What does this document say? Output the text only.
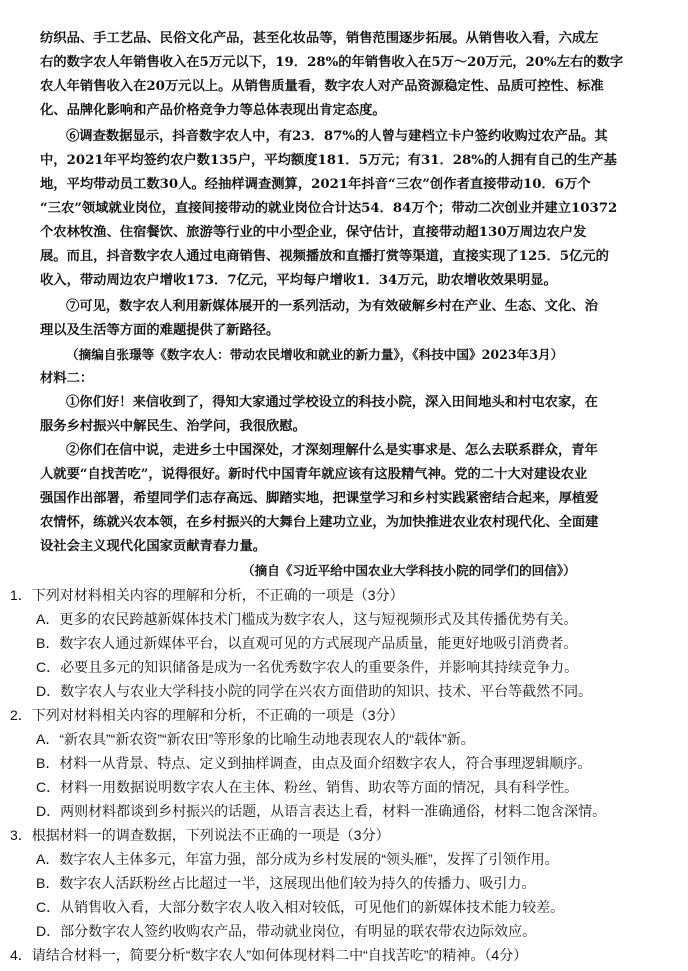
纺织品、手工艺品、民俗文化产品，甚至化妆品等，销售范围逐步拓展。从销售收入看，六成左
右的数字农人年销售收入在5万元以下，19．28%的年销售收入在5万～20万元，20%左右的数字
农人年销售收入在20万元以上。从销售质量看，数字农人对产品资源稳定性、品质可控性、标准
化、品牌化影响和产品价格竞争力等总体表现出肯定态度。
⑥调查数据显示，抖音数字农人中，有23．87%的人曾与建档立卡户签约收购过农产品。其
中，2021年平均签约农户数135户，平均额度181．5万元；有31．28%的人拥有自己的生产基
地，平均带动员工数30人。经抽样调查测算，2021年抖音“三农”创作者直接带动10．6万个
“三农”领域就业岗位，直接间接带动的就业岗位合计达54．84万个；带动二次创业并建立10372
个农林牧渔、住宿餐饮、旅游等行业的中小型企业，保守估计，直接带动超130万周边农户发
展。而且，抖音数字农人通过电商销售、视频播放和直播打赏等渠道，直接实现了125．5亿元的
收入，带动周边农户增收173．7亿元，平均每户增收1．34万元，助农增收效果明显。
⑦可见，数字农人利用新媒体展开的一系列活动，为有效破解乡村在产业、生态、文化、治
理以及生活等方面的难题提供了新路径。
（摘编自张璟等《数字农人：带动农民增收和就业的新力量》，《科技中国》2023年3月）
材料二：
①你们好！来信收到了，得知大家通过学校设立的科技小院，深入田间地头和村屯农家，在
服务乡村振兴中解民生、治学问，我很欣慰。
②你们在信中说，走进乡土中国深处，才深刻理解什么是实事求是、怎么去联系群众，青年
人就要“自找苦吃”，说得很好。新时代中国青年就应该有这股精气神。党的二十大对建设农业
强国作出部署，希望同学们志存高远、脚踏实地，把课堂学习和乡村实践紧密结合起来，厚植爱
农情怀，练就兴农本领，在乡村振兴的大舞台上建功立业，为加快推进农业农村现代化、全面建
设社会主义现代化国家贡献青春力量。
（摘自《习近平给中国农业大学科技小院的同学们的回信》）
1．下列对材料相关内容的理解和分析，不正确的一项是（3分）
A．更多的农民跨越新媒体技术门槛成为数字农人，这与短视频形式及其传播优势有关。
B．数字农人通过新媒体平台，以直观可见的方式展现产品质量，能更好地吸引消费者。
C．必要且多元的知识储备是成为一名优秀数字农人的重要条件，并影响其持续竞争力。
D．数字农人与农业大学科技小院的同学在兴农方面借助的知识、技术、平台等截然不同。
2．下列对材料相关内容的理解和分析，不正确的一项是（3分）
A．“新农具”“新农资”“新农田”等形象的比喻生动地表现农人的“载体”新。
B．材料一从背景、特点、定义到抽样调查，由点及面介绍数字农人，符合事理逻辑顺序。
C．材料一用数据说明数字农人在主体、粉丝、销售、助农等方面的情况，具有科学性。
D．两则材料都谈到乡村振兴的话题，从语言表达上看，材料一准确通俗，材料二饱含深情。
3．根据材料一的调查数据，下列说法不正确的一项是（3分）
A．数字农人主体多元，年富力强，部分成为乡村发展的“领头雁”，发挥了引领作用。
B．数字农人活跃粉丝占比超过一半，这展现出他们较为持久的传播力、吸引力。
C．从销售收入看，大部分数字农人收入相对较低，可见他们的新媒体技术能力较差。
D．部分数字农人签约收购农产品，带动就业岗位，有明显的联农带农边际效应。
4．请结合材料一，简要分析“数字农人”如何体现材料二中“自找苦吃”的精神。（4分）
